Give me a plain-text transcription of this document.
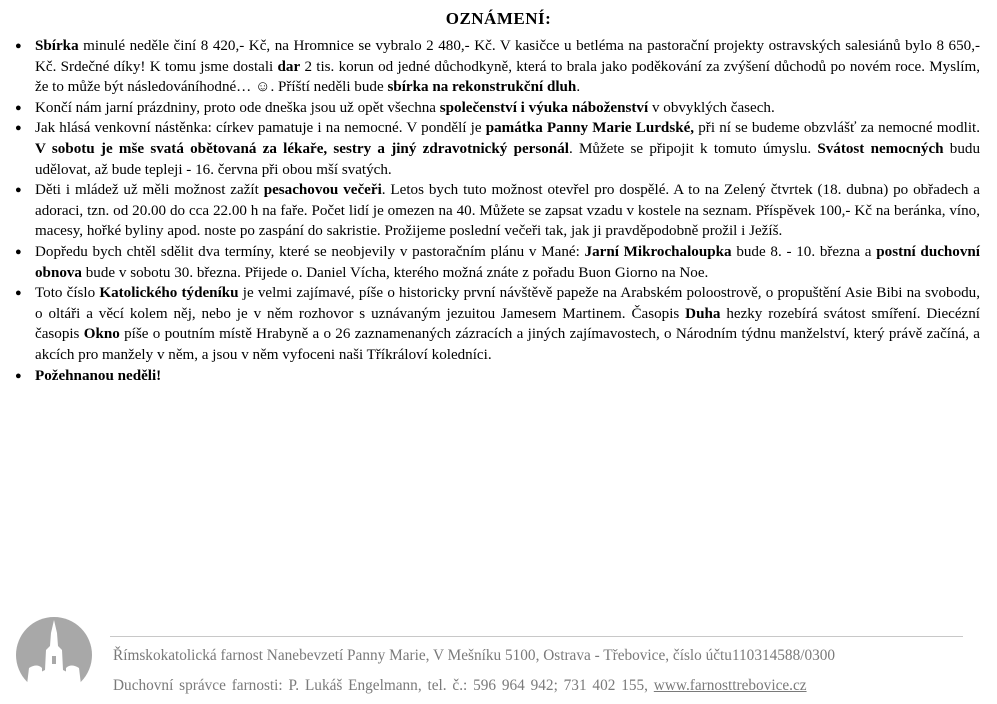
OZNÁMENÍ:
● Sbírka minulé neděle činí 8 420,- Kč, na Hromnice se vybralo 2 480,- Kč. V kasičce u betléma na pastorační projekty ostravských salesiánů bylo 8 650,- Kč. Srdečné díky! K tomu jsme dostali dar 2 tis. korun od jedné důchodkyně, která to brala jako poděkování za zvýšení důchodů po novém roce. Myslím, že to může být následováníhodné… ☺. Příští neděli bude sbírka na rekonstrukční dluh.
● Končí nám jarní prázdniny, proto ode dneška jsou už opět všechna společenství i výuka náboženství v obvyklých časech.
● Jak hlásá venkovní nástěnka: církev pamatuje i na nemocné. V pondělí je památka Panny Marie Lurdské, při ní se budeme obzvlášť za nemocné modlit. V sobotu je mše svatá obětovaná za lékaře, sestry a jiný zdravotnický personál. Můžete se připojit k tomuto úmyslu. Svátost nemocných budu udělovat, až bude tepleji - 16. června při obou mší svatých.
● Děti i mládež už měli možnost zažít pesachovou večeři. Letos bych tuto možnost otevřel pro dospělé. A to na Zelený čtvrtek (18. dubna) po obřadech a adoraci, tzn. od 20.00 do cca 22.00 h na faře. Počet lidí je omezen na 40. Můžete se zapsat vzadu v kostele na seznam. Příspěvek 100,- Kč na beránka, víno, macesy, hořké byliny apod. noste po zaspání do sakristie. Prožijeme poslední večeři tak, jak ji pravděpodobně prožil i Ježíš.
● Dopředu bych chtěl sdělit dva termíny, které se neobjevily v pastoračním plánu v Mané: Jarní Mikrochaloupka bude 8. - 10. března a postní duchovní obnova bude v sobotu 30. března. Přijede o. Daniel Vícha, kterého možná znáte z pořadu Buon Giorno na Noe.
● Toto číslo Katolického týdeníku je velmi zajímavé, píše o historicky první návštěvě papeže na Arabském poloostrově, o propuštění Asie Bibi na svobodu, o oltáři a věcí kolem něj, nebo je v něm rozhovor s uznávaným jezuitou Jamesem Martinem. Časopis Duha hezky rozebírá svátost smíření. Diecézní časopis Okno píše o poutním místě Hrabyně a o 26 zaznamenaných zázracích a jiných zajímavostech, o Národním týdnu manželství, který právě začíná, a akcích pro manžely v něm, a jsou v něm vyfoceni naši Tříkráloví koledníci.
● Požehnanou neděli!
Římskokatolická farnost Nanebevzetí Panny Marie, V Mešníku 5100, Ostrava - Třebovice, číslo účtu110314588/0300
Duchovní správce farnosti: P. Lukáš Engelmann, tel. č.: 596 964 942; 731 402 155, www.farnosttrebovice.cz
